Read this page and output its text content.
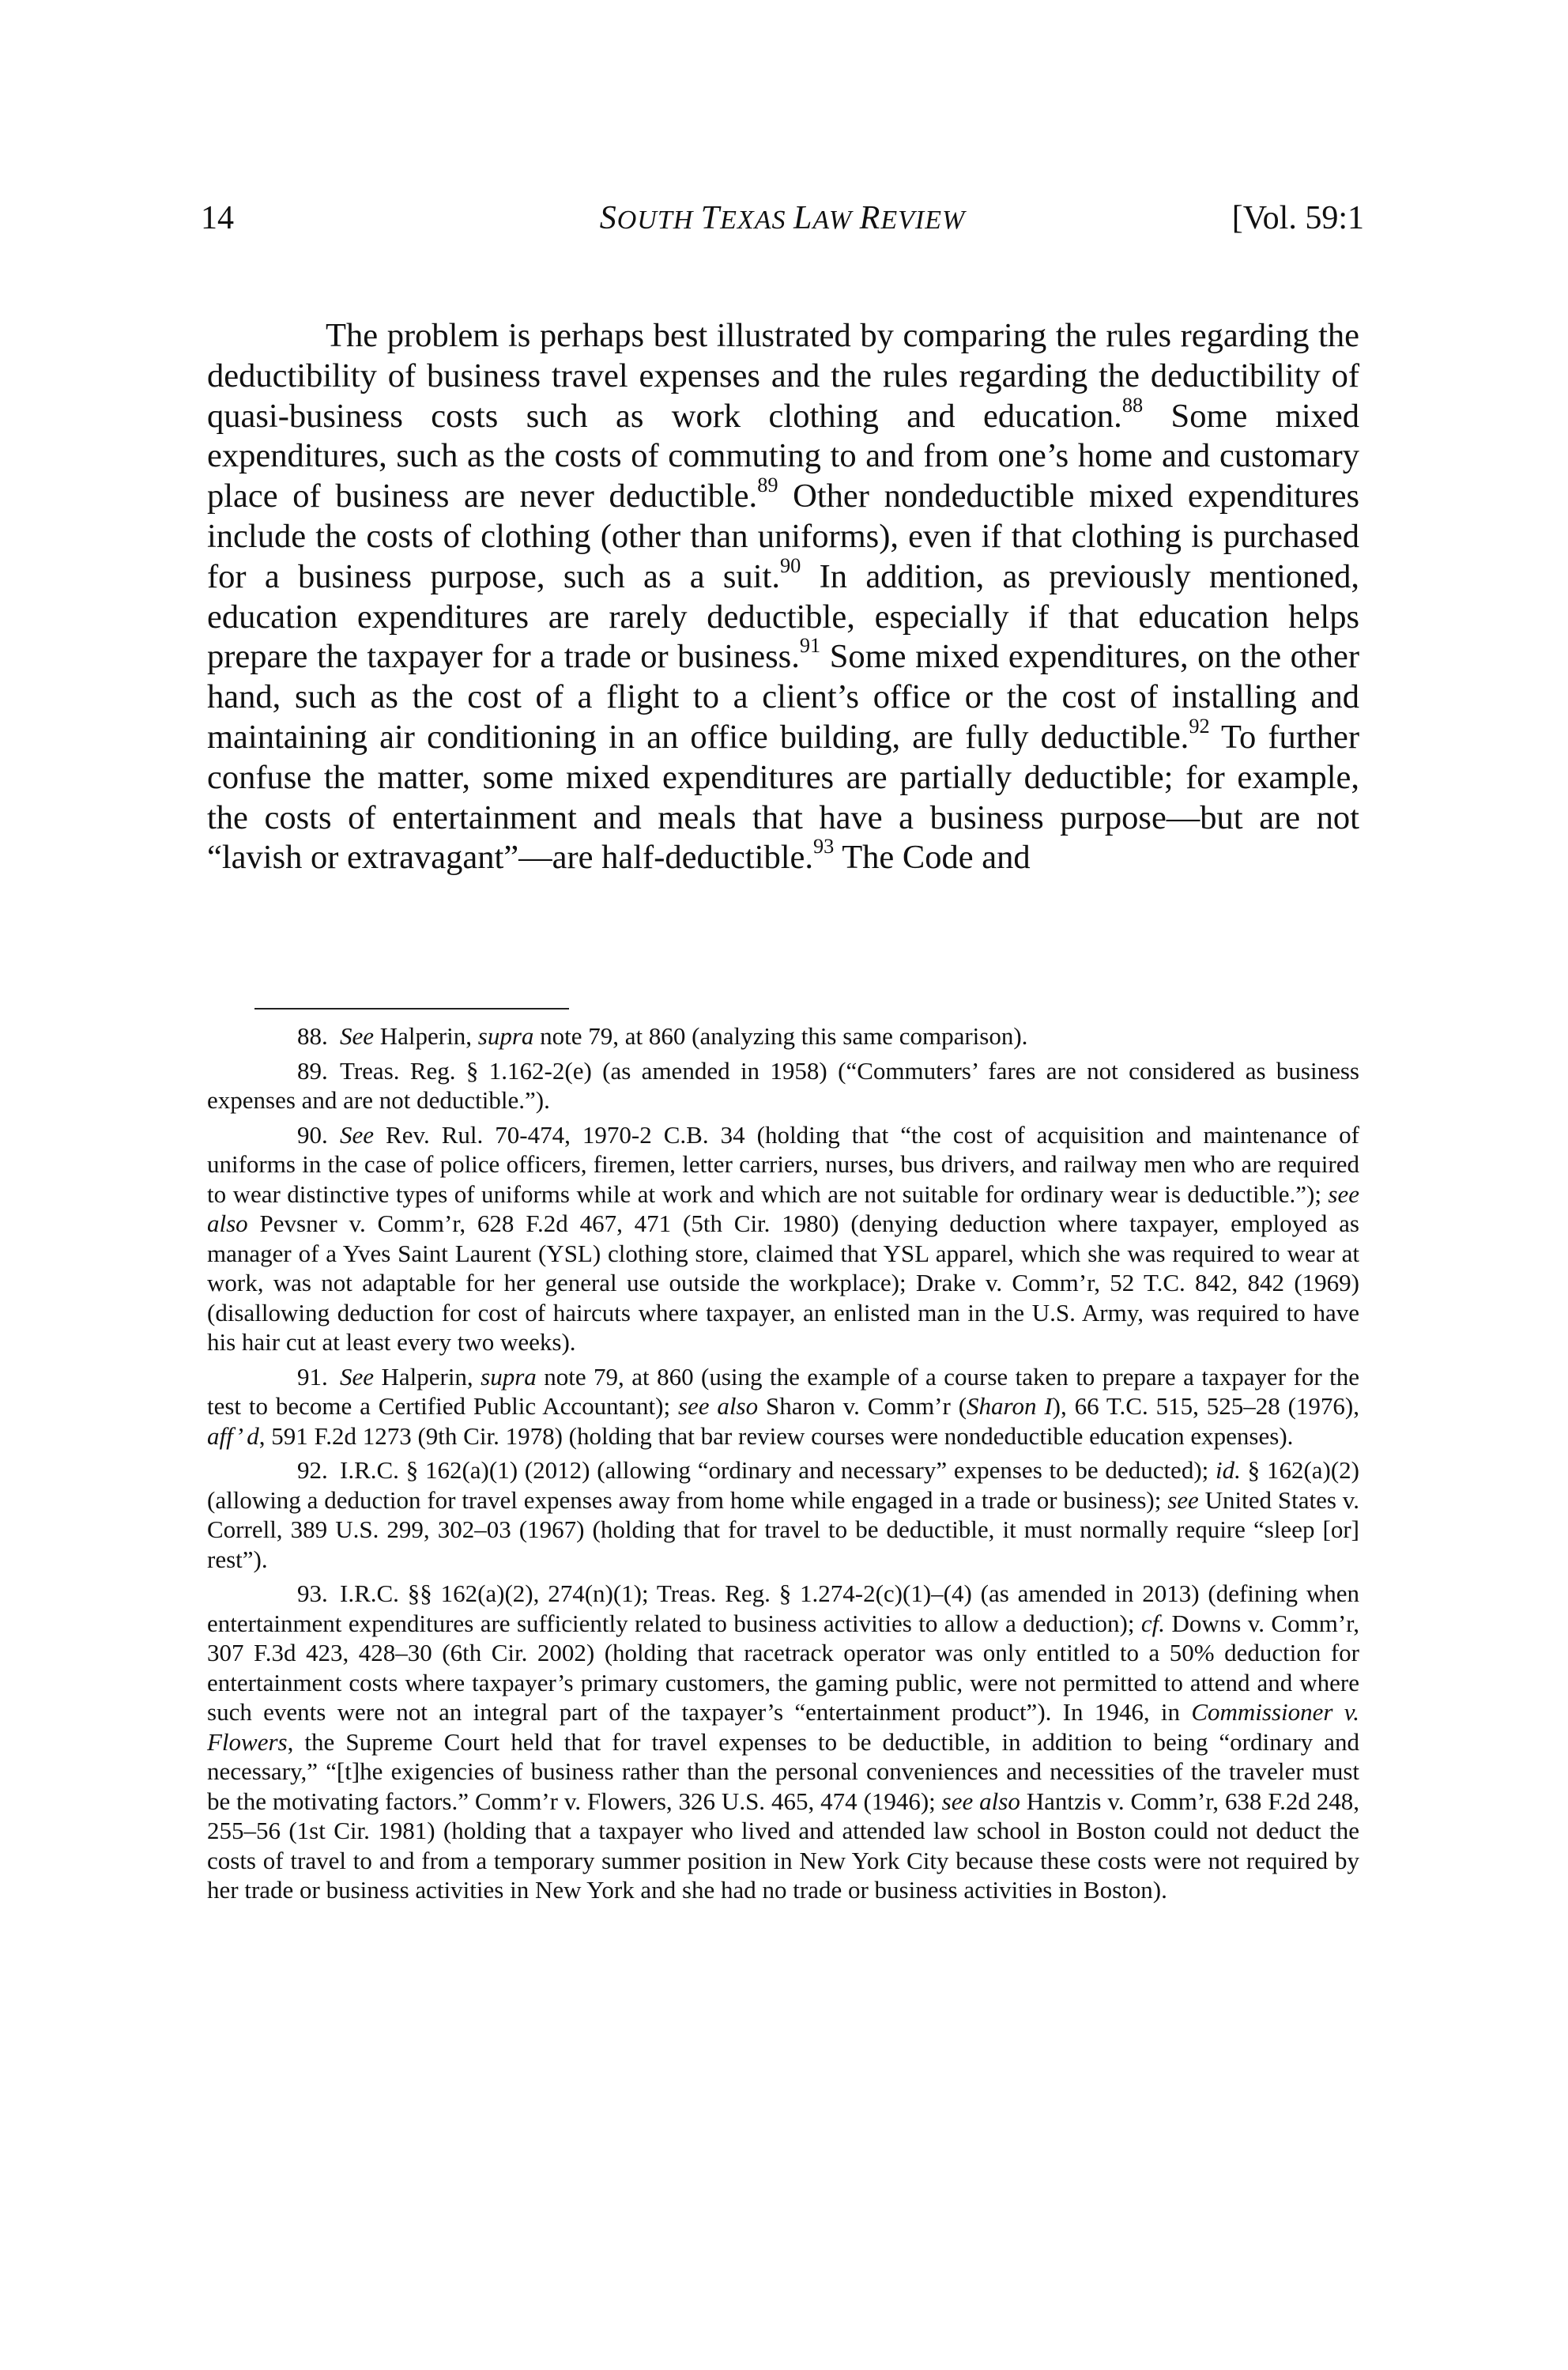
14	SOUTH TEXAS LAW REVIEW	[Vol. 59:1

The problem is perhaps best illustrated by comparing the rules regarding the deductibility of business travel expenses and the rules regarding the deductibility of quasi-business costs such as work clothing and education.$^{88}$ Some mixed expenditures, such as the costs of commuting to and from one’s home and customary place of business are never deductible.$^{89}$ Other nondeductible mixed expenditures include the costs of clothing (other than uniforms), even if that clothing is purchased for a business purpose, such as a suit.$^{90}$ In addition, as previously mentioned, education expenditures are rarely deductible, especially if that education helps prepare the taxpayer for a trade or business.$^{91}$ Some mixed expenditures, on the other hand, such as the cost of a flight to a client’s office or the cost of installing and maintaining air conditioning in an office building, are fully deductible.$^{92}$ To further confuse the matter, some mixed expenditures are partially deductible; for example, the costs of entertainment and meals that have a business purpose—but are not “lavish or extravagant”—are half-deductible.$^{93}$ The Code and

88. See Halperin, supra note 79, at 860 (analyzing this same comparison).

89. Treas. Reg. § 1.162-2(e) (as amended in 1958) (“Commuters’ fares are not considered as business expenses and are not deductible.”).

90. See Rev. Rul. 70-474, 1970-2 C.B. 34 (holding that “the cost of acquisition and maintenance of uniforms in the case of police officers, firemen, letter carriers, nurses, bus drivers, and railway men who are required to wear distinctive types of uniforms while at work and which are not suitable for ordinary wear is deductible.”); see also Pevsner v. Comm’r, 628 F.2d 467, 471 (5th Cir. 1980) (denying deduction where taxpayer, employed as manager of a Yves Saint Laurent (YSL) clothing store, claimed that YSL apparel, which she was required to wear at work, was not adaptable for her general use outside the workplace); Drake v. Comm’r, 52 T.C. 842, 842 (1969) (disallowing deduction for cost of haircuts where taxpayer, an enlisted man in the U.S. Army, was required to have his hair cut at least every two weeks).

91. See Halperin, supra note 79, at 860 (using the example of a course taken to prepare a taxpayer for the test to become a Certified Public Accountant); see also Sharon v. Comm’r (Sharon I), 66 T.C. 515, 525–28 (1976), aff’ d, 591 F.2d 1273 (9th Cir. 1978) (holding that bar review courses were nondeductible education expenses).

92. I.R.C. § 162(a)(1) (2012) (allowing “ordinary and necessary” expenses to be deducted); id. § 162(a)(2) (allowing a deduction for travel expenses away from home while engaged in a trade or business); see United States v. Correll, 389 U.S. 299, 302–03 (1967) (holding that for travel to be deductible, it must normally require “sleep [or] rest”).

93. I.R.C. §§ 162(a)(2), 274(n)(1); Treas. Reg. § 1.274-2(c)(1)–(4) (as amended in 2013) (defining when entertainment expenditures are sufficiently related to business activities to allow a deduction); cf. Downs v. Comm’r, 307 F.3d 423, 428–30 (6th Cir. 2002) (holding that racetrack operator was only entitled to a 50% deduction for entertainment costs where taxpayer’s primary customers, the gaming public, were not permitted to attend and where such events were not an integral part of the taxpayer’s “entertainment product”). In 1946, in Commissioner v. Flowers, the Supreme Court held that for travel expenses to be deductible, in addition to being “ordinary and necessary,” “[t]he exigencies of business rather than the personal conveniences and necessities of the traveler must be the motivating factors.” Comm’r v. Flowers, 326 U.S. 465, 474 (1946); see also Hantzis v. Comm’r, 638 F.2d 248, 255–56 (1st Cir. 1981) (holding that a taxpayer who lived and attended law school in Boston could not deduct the costs of travel to and from a temporary summer position in New York City because these costs were not required by her trade or business activities in New York and she had no trade or business activities in Boston).
